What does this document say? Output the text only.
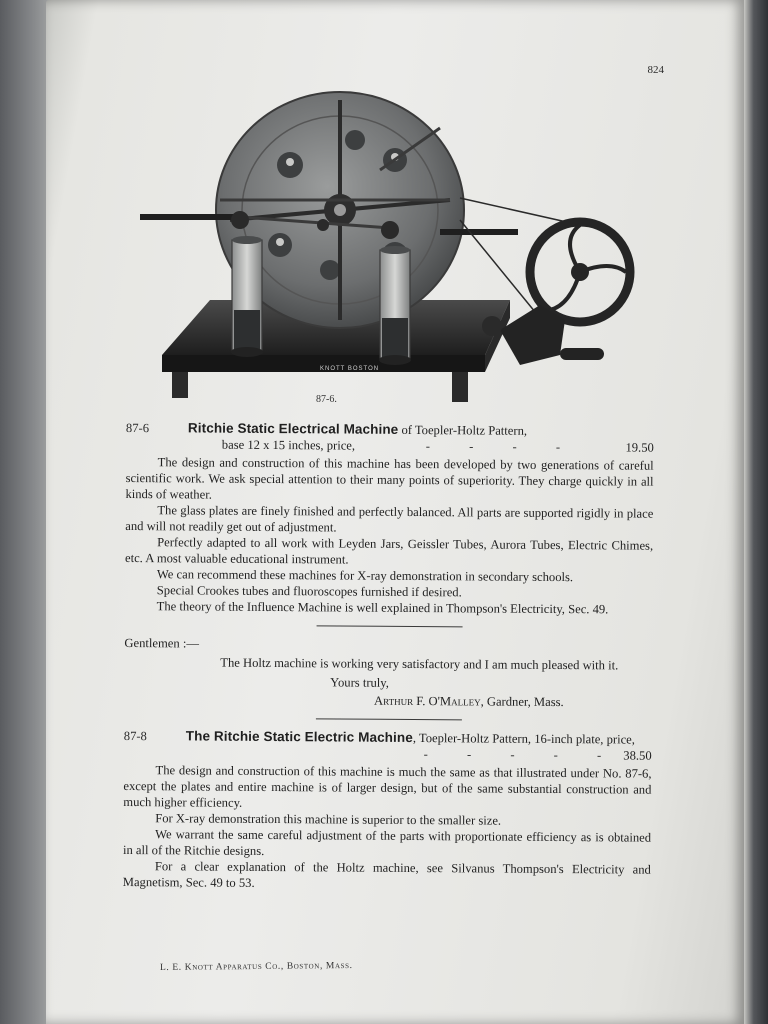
824
KNOTT BOSTON
87-6.
87-6	Ritchie Static Electrical Machine of Toepler-Holtz Pattern,
base 12 x 15 inches, price,	- - - -	19.50

The design and construction of this machine has been developed by two generations of careful scientific work. We ask special attention to their many points of superiority. They charge quickly in all kinds of weather.

The glass plates are finely finished and perfectly balanced. All parts are supported rigidly in place and will not readily get out of adjustment.

Perfectly adapted to all work with Leyden Jars, Geissler Tubes, Aurora Tubes, Electric Chimes, etc. A most valuable educational instrument.

We can recommend these machines for X-ray demonstration in secondary schools.

Special Crookes tubes and fluoroscopes furnished if desired.

The theory of the Influence Machine is well explained in Thompson's Electricity, Sec. 49.

Gentlemen :—

The Holtz machine is working very satisfactory and I am much pleased with it.

Yours truly,

Arthur F. O'Malley, Gardner, Mass.

87-8	The Ritchie Static Electric Machine, Toepler-Holtz Pattern, 16-inch plate, price,
- - - - - 38.50

The design and construction of this machine is much the same as that illustrated under No. 87-6, except the plates and entire machine is of larger design, but of the same substantial construction and much higher efficiency.

For X-ray demonstration this machine is superior to the smaller size.

We warrant the same careful adjustment of the parts with proportionate efficiency as is obtained in all of the Ritchie designs.

For a clear explanation of the Holtz machine, see Silvanus Thompson's Electricity and Magnetism, Sec. 49 to 53.

L. E. Knott Apparatus Co., Boston, Mass.
